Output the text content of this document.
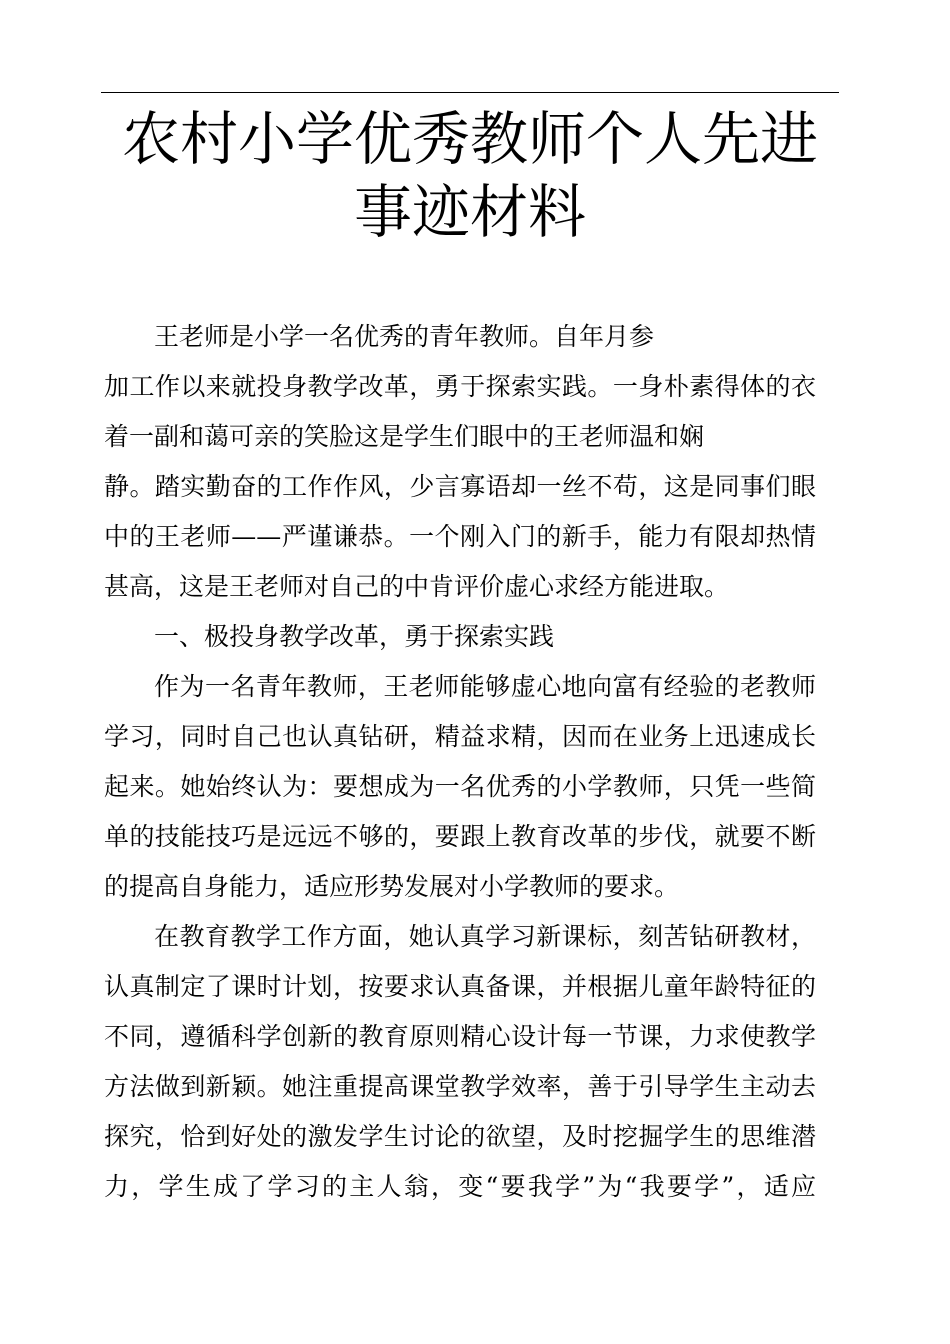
农村小学优秀教师个人先进
事迹材料
王老师是小学一名优秀的青年教师。自年月参
加工作以来就投身教学改革，勇于探索实践。一身朴素得体的衣
着一副和蔼可亲的笑脸这是学生们眼中的王老师温和娴
静。踏实勤奋的工作作风，少言寡语却一丝不苟，这是同事们眼
中的王老师——严谨谦恭。一个刚入门的新手，能力有限却热情
甚高，这是王老师对自己的中肯评价虚心求经方能进取。
一、极投身教学改革，勇于探索实践
作为一名青年教师，王老师能够虚心地向富有经验的老教师
学习，同时自己也认真钻研，精益求精，因而在业务上迅速成长
起来。她始终认为：要想成为一名优秀的小学教师，只凭一些简
单的技能技巧是远远不够的，要跟上教育改革的步伐，就要不断
的提高自身能力，适应形势发展对小学教师的要求。
在教育教学工作方面，她认真学习新课标，刻苦钻研教材，
认真制定了课时计划，按要求认真备课，并根据儿童年龄特征的
不同，遵循科学创新的教育原则精心设计每一节课，力求使教学
方法做到新颖。她注重提高课堂教学效率，善于引导学生主动去
探究，恰到好处的激发学生讨论的欲望，及时挖掘学生的思维潜
力，学生成了学习的主人翁，变“要我学”为“我要学”，适应
